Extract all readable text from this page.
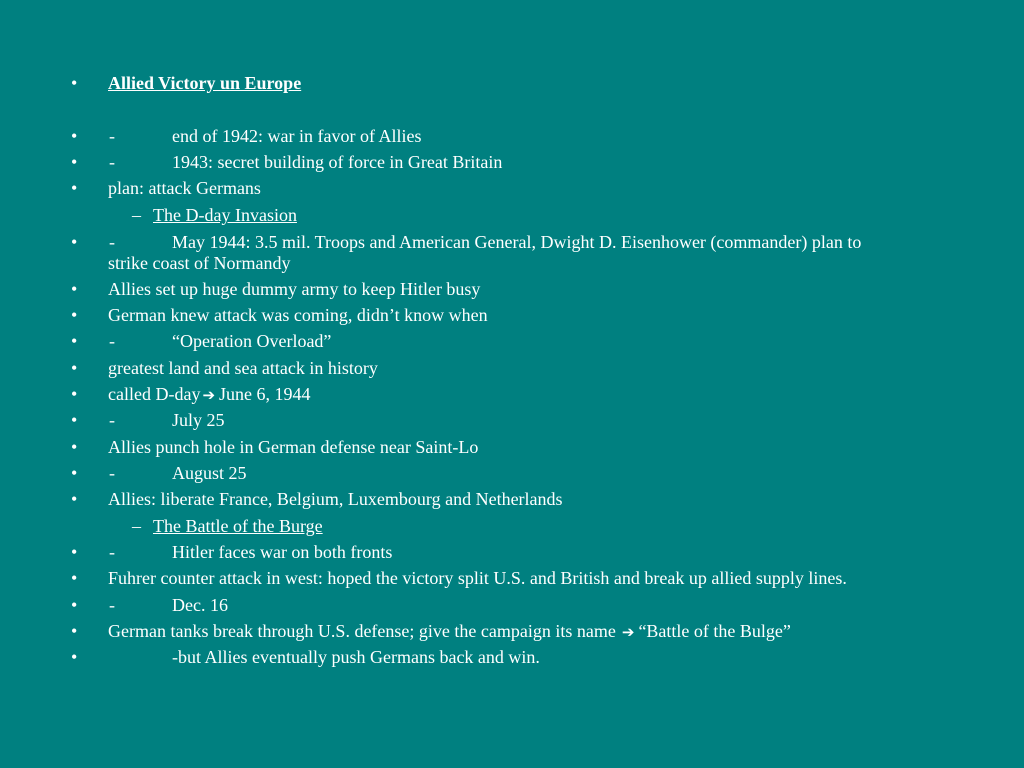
• Allied Victory un Europe
• -	end of 1942: war in favor of Allies
• -	1943: secret building of force in Great Britain
• plan: attack Germans
– The D-day Invasion
• -	May 1944: 3.5 mil. Troops and American General, Dwight D. Eisenhower (commander) plan to
strike coast of Normandy
• Allies set up huge dummy army to keep Hitler busy
• German knew attack was coming, didn’t know when
• -	“Operation Overload”
• greatest land and sea attack in history
• called D-day ➔ June 6, 1944
• -	July 25
• Allies punch hole in German defense near Saint-Lo
• -	August 25
• Allies: liberate France, Belgium, Luxembourg and Netherlands
– The Battle of the Burge
• -	Hitler faces war on both fronts
• Fuhrer counter attack in west: hoped the victory split U.S. and British and break up allied supply lines.
• -	Dec. 16
• German tanks break through U.S. defense; give the campaign its name ➔ “Battle of the Bulge”
•	-but Allies eventually push Germans back and win.
